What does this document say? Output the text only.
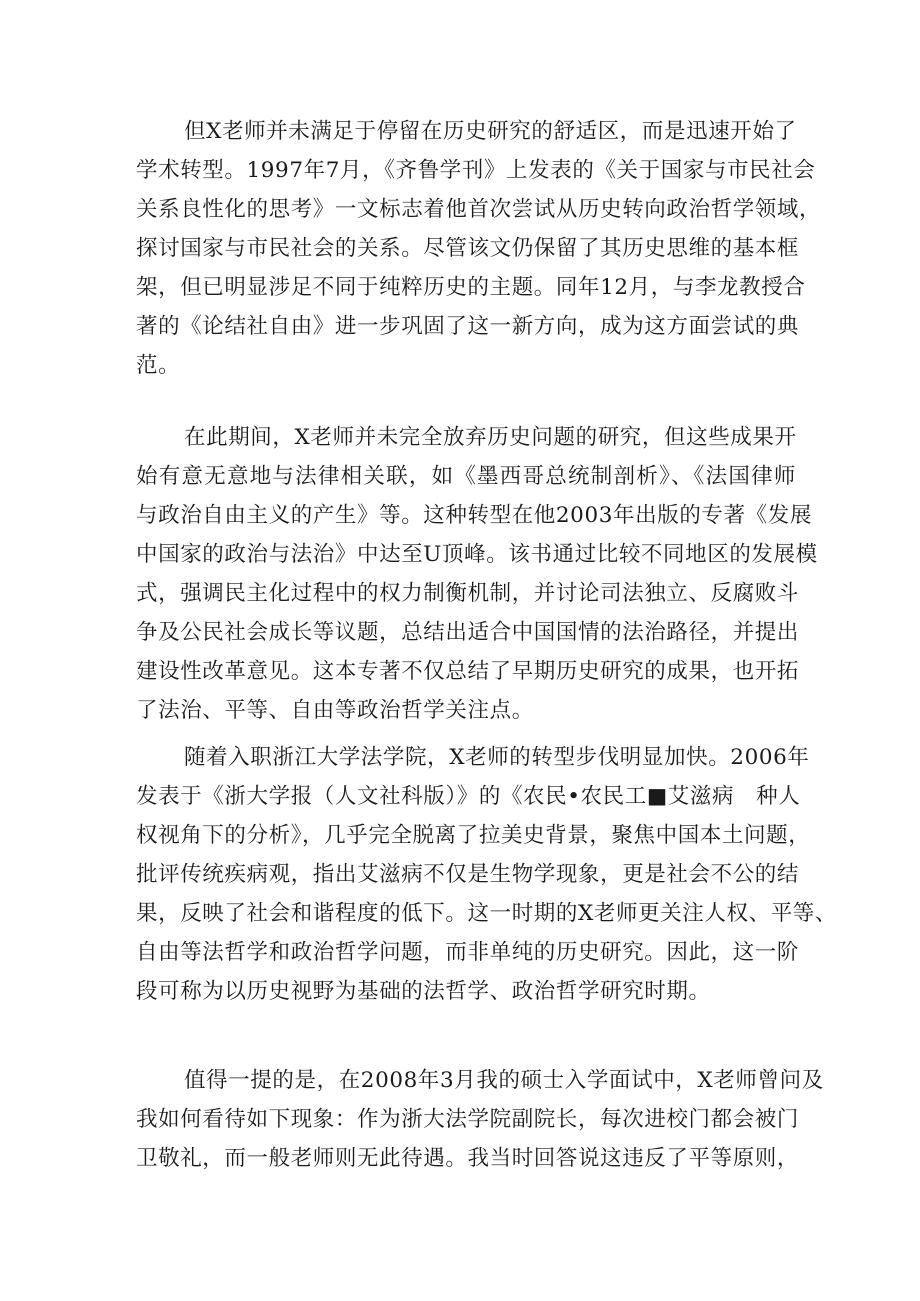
但X老师并未满足于停留在历史研究的舒适区，而是迅速开始了
学术转型。1997年7月，《齐鲁学刊》上发表的《关于国家与市民社会
关系良性化的思考》一文标志着他首次尝试从历史转向政治哲学领域，
探讨国家与市民社会的关系。尽管该文仍保留了其历史思维的基本框
架，但已明显涉足不同于纯粹历史的主题。同年12月，与李龙教授合
著的《论结社自由》进一步巩固了这一新方向，成为这方面尝试的典
范。
在此期间，X老师并未完全放弃历史问题的研究，但这些成果开
始有意无意地与法律相关联，如《墨西哥总统制剖析》、《法国律师
与政治自由主义的产生》等。这种转型在他2003年出版的专著《发展
中国家的政治与法治》中达至U顶峰。该书通过比较不同地区的发展模
式，强调民主化过程中的权力制衡机制，并讨论司法独立、反腐败斗
争及公民社会成长等议题，总结出适合中国国情的法治路径，并提出
建设性改革意见。这本专著不仅总结了早期历史研究的成果，也开拓
了法治、平等、自由等政治哲学关注点。
随着入职浙江大学法学院，X老师的转型步伐明显加快。2006年
发表于《浙大学报（人文社科版）》的《农民•农民工■艾滋病　种人
权视角下的分析》，几乎完全脱离了拉美史背景，聚焦中国本土问题，
批评传统疾病观，指出艾滋病不仅是生物学现象，更是社会不公的结
果，反映了社会和谐程度的低下。这一时期的X老师更关注人权、平等、
自由等法哲学和政治哲学问题，而非单纯的历史研究。因此，这一阶
段可称为以历史视野为基础的法哲学、政治哲学研究时期。
值得一提的是，在2008年3月我的硕士入学面试中，X老师曾问及
我如何看待如下现象：作为浙大法学院副院长，每次进校门都会被门
卫敬礼，而一般老师则无此待遇。我当时回答说这违反了平等原则，
